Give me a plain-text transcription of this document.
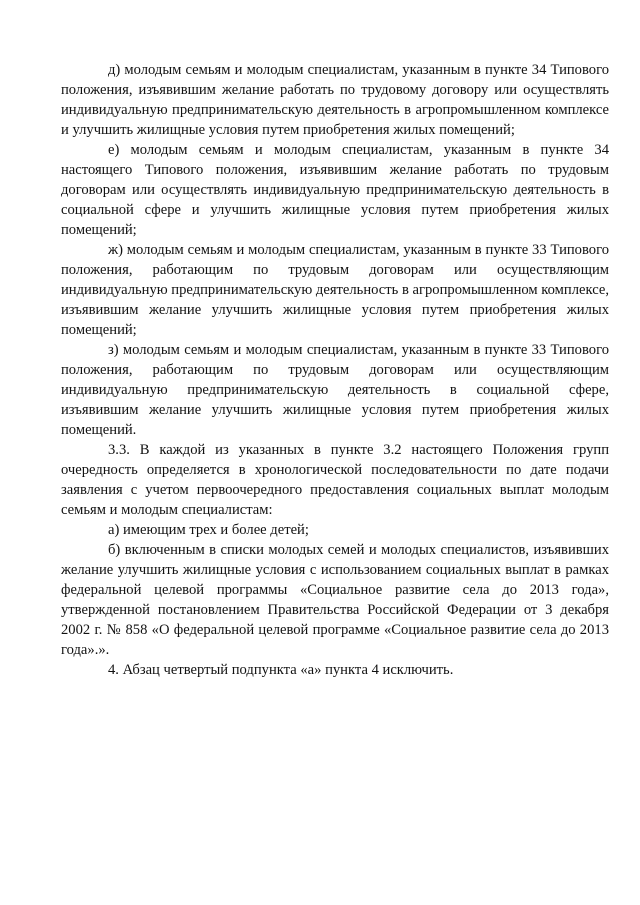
д) молодым семьям и молодым специалистам, указанным в пункте 34 Типового положения, изъявившим желание работать по трудовому договору или осуществлять индивидуальную предпринимательскую деятельность в агропромышленном комплексе и улучшить жилищные условия путем приобретения жилых помещений;

е) молодым семьям и молодым специалистам, указанным в пункте 34 настоящего Типового положения, изъявившим желание работать по трудовым договорам или осуществлять индивидуальную предпринимательскую деятельность в социальной сфере и улучшить жилищные условия путем приобретения жилых помещений;

ж) молодым семьям и молодым специалистам, указанным в пункте 33 Типового положения, работающим по трудовым договорам или осуществляющим индивидуальную предпринимательскую деятельность в агропромышленном комплексе, изъявившим желание улучшить жилищные условия путем приобретения жилых помещений;

з) молодым семьям и молодым специалистам, указанным в пункте 33 Типового положения, работающим по трудовым договорам или осуществляющим индивидуальную предпринимательскую деятельность в социальной сфере, изъявившим желание улучшить жилищные условия путем приобретения жилых помещений.

3.3. В каждой из указанных в пункте 3.2 настоящего Положения групп очередность определяется в хронологической последовательности по дате подачи заявления с учетом первоочередного предоставления социальных выплат молодым семьям и молодым специалистам:

а) имеющим трех и более детей;

б) включенным в списки молодых семей и молодых специалистов, изъявивших желание улучшить жилищные условия с использованием социальных выплат в рамках федеральной целевой программы «Социальное развитие села до 2013 года», утвержденной постановлением Правительства Российской Федерации от 3 декабря 2002 г. № 858 «О федеральной целевой программе «Социальное развитие села до 2013 года».».

4. Абзац четвертый подпункта «а» пункта 4 исключить.
